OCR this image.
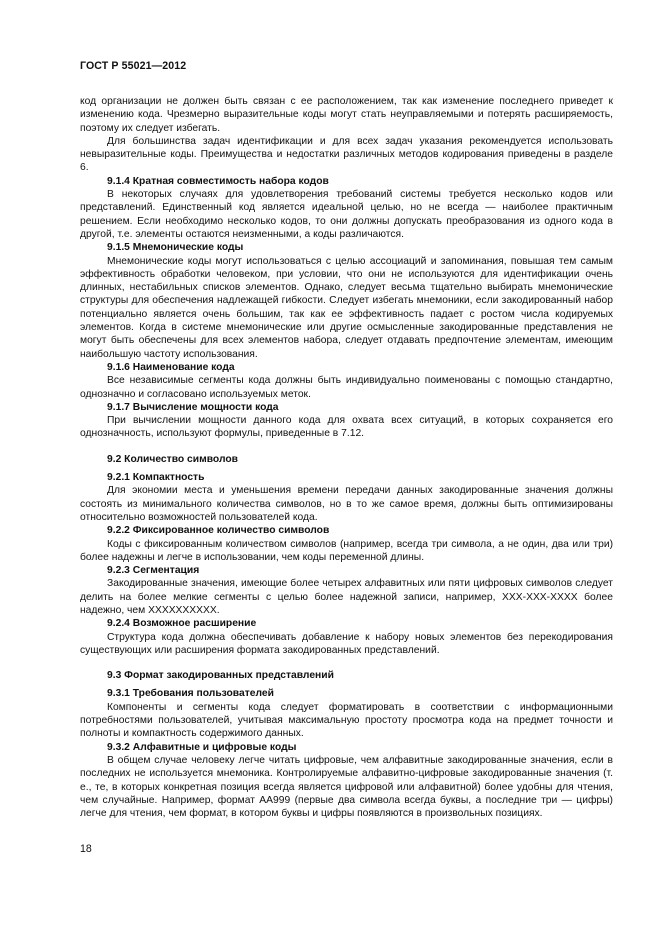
ГОСТ Р 55021—2012

код организации не должен быть связан с ее расположением, так как изменение последнего приведет к изменению кода. Чрезмерно выразительные коды могут стать неуправляемыми и потерять расширяемость, поэтому их следует избегать.

Для большинства задач идентификации и для всех задач указания рекомендуется использовать невыразительные коды. Преимущества и недостатки различных методов кодирования приведены в разделе 6.

9.1.4 Кратная совместимость набора кодов

В некоторых случаях для удовлетворения требований системы требуется несколько кодов или представлений. Единственный код является идеальной целью, но не всегда — наиболее практичным решением. Если необходимо несколько кодов, то они должны допускать преобразования из одного кода в другой, т.е. элементы остаются неизменными, а коды различаются.

9.1.5 Мнемонические коды

Мнемонические коды могут использоваться с целью ассоциаций и запоминания, повышая тем самым эффективность обработки человеком, при условии, что они не используются для идентификации очень длинных, нестабильных списков элементов. Однако, следует весьма тщательно выбирать мнемонические структуры для обеспечения надлежащей гибкости. Следует избегать мнемоники, если закодированный набор потенциально является очень большим, так как ее эффективность падает с ростом числа кодируемых элементов. Когда в системе мнемонические или другие осмысленные закодированные представления не могут быть обеспечены для всех элементов набора, следует отдавать предпочтение элементам, имеющим наибольшую частоту использования.

9.1.6 Наименование кода

Все независимые сегменты кода должны быть индивидуально поименованы с помощью стандартно, однозначно и согласовано используемых меток.

9.1.7 Вычисление мощности кода

При вычислении мощности данного кода для охвата всех ситуаций, в которых сохраняется его однозначность, используют формулы, приведенные в 7.12.

9.2 Количество символов

9.2.1 Компактность

Для экономии места и уменьшения времени передачи данных закодированные значения должны состоять из минимального количества символов, но в то же самое время, должны быть оптимизированы относительно возможностей пользователей кода.

9.2.2 Фиксированное количество символов

Коды с фиксированным количеством символов (например, всегда три символа, а не один, два или три) более надежны и легче в использовании, чем коды переменной длины.

9.2.3 Сегментация

Закодированные значения, имеющие более четырех алфавитных или пяти цифровых символов следует делить на более мелкие сегменты с целью более надежной записи, например, ХХХ-ХХХ-ХХХХ более надежно, чем ХХХХХХХХХХ.

9.2.4 Возможное расширение

Структура кода должна обеспечивать добавление к набору новых элементов без перекодирования существующих или расширения формата закодированных представлений.

9.3 Формат закодированных представлений

9.3.1 Требования пользователей

Компоненты и сегменты кода следует форматировать в соответствии с информационными потребностями пользователей, учитывая максимальную простоту просмотра кода на предмет точности и полноты и компактность содержимого данных.

9.3.2 Алфавитные и цифровые коды

В общем случае человеку легче читать цифровые, чем алфавитные закодированные значения, если в последних не используется мнемоника. Контролируемые алфавитно-цифровые закодированные значения (т. е., те, в которых конкретная позиция всегда является цифровой или алфавитной) более удобны для чтения, чем случайные. Например, формат АА999 (первые два символа всегда буквы, а последние три — цифры) легче для чтения, чем формат, в котором буквы и цифры появляются в произвольных позициях.

18
